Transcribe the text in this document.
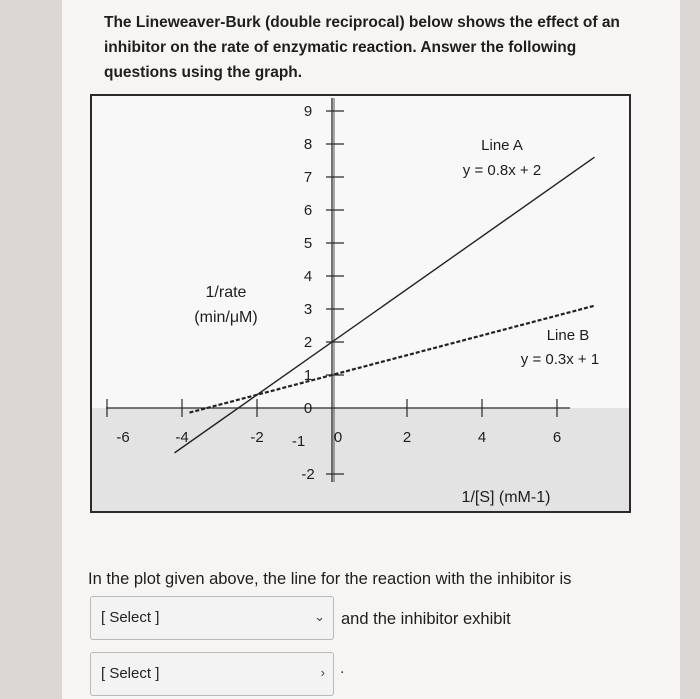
The Lineweaver-Burk (double reciprocal) below shows the effect of an inhibitor on the rate of enzymatic reaction. Answer the following questions using the graph.
-6	-4	-2 -1 0	2	4	6
-2
0
1
2
3
4
5
6
7
8
9
Line A
y = 0.8x + 2
Line B
y = 0.3x + 1
1/rate
(min/μM)
1/[S] (mM-1)
In the plot given above, the line for the reaction with the inhibitor is
[ Select ]	⌄ and the inhibitor exhibit
[ Select ]	› .
